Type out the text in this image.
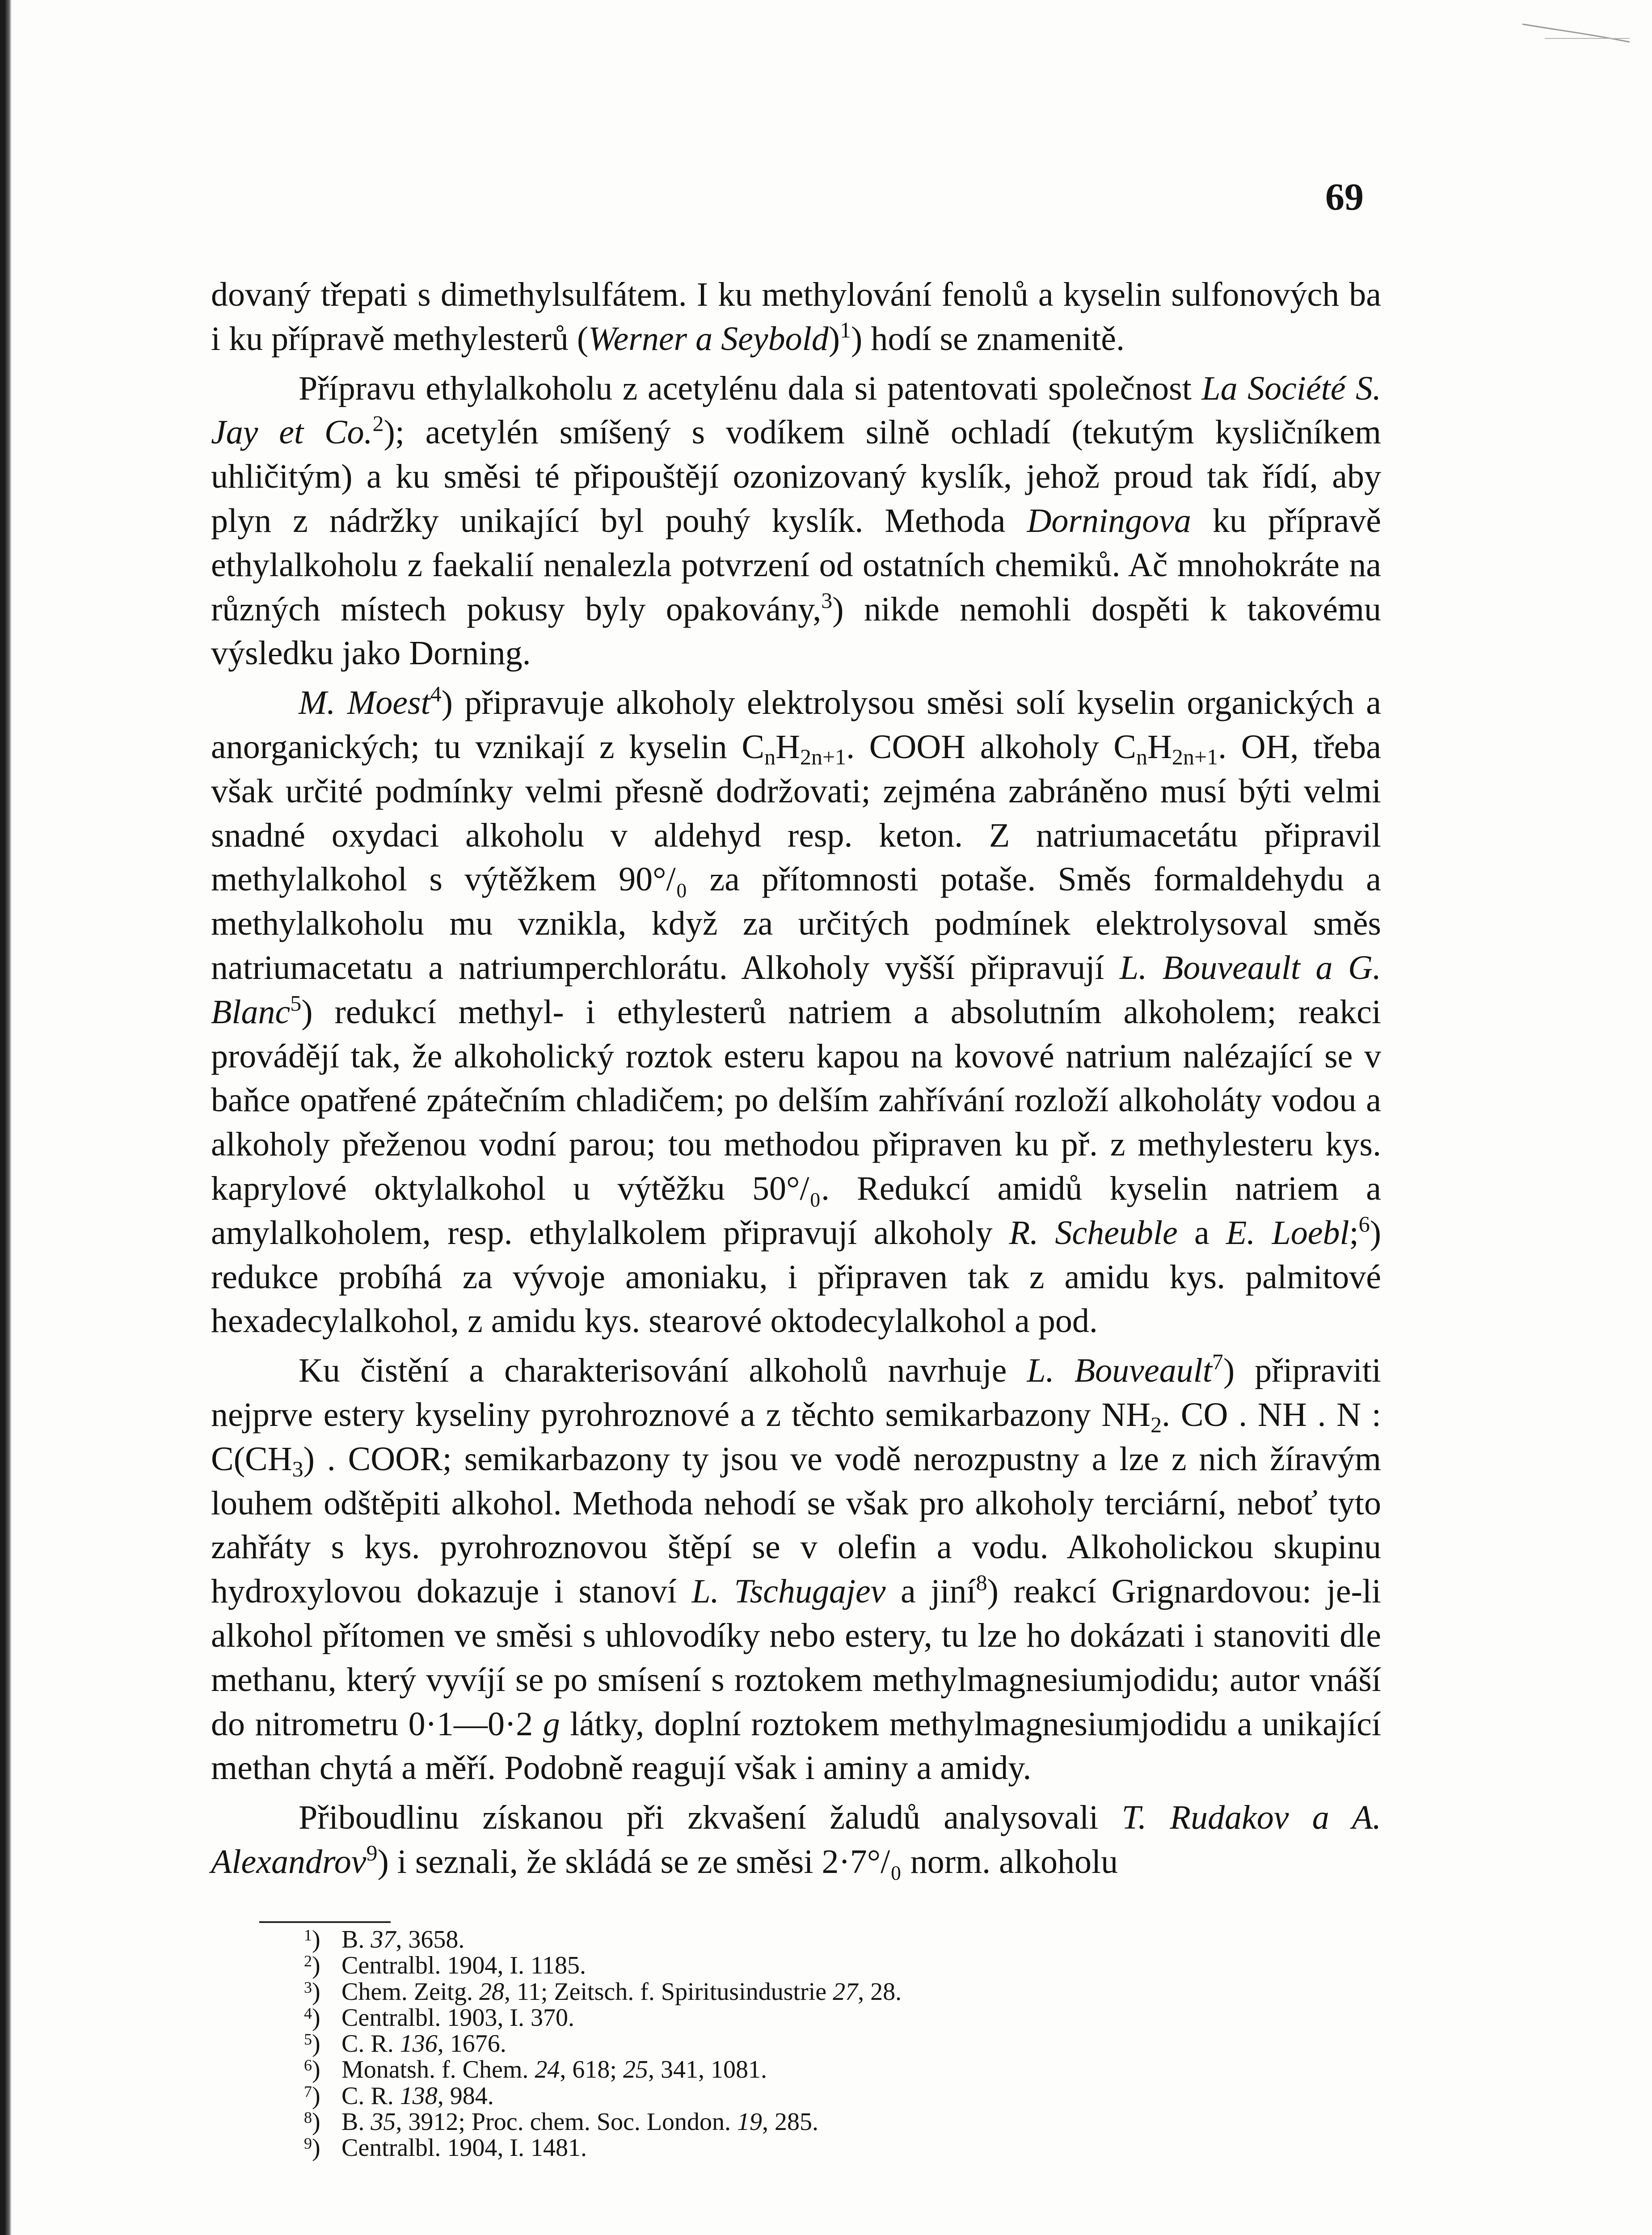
69

dovaný třepati s dimethylsulfátem. I ku methylování fenolů a kyselin sulfonových ba i ku přípravě methylesterů (Werner a Seybold)$^1$) hodí se znamenitě.

Přípravu ethylalkoholu z acetylénu dala si patentovati společnost La Société S. Jay et Co.$^2$); acetylén smíšený s vodíkem silně ochladí (tekutým kysličníkem uhličitým) a ku směsi té připouštějí ozonizovaný kyslík, jehož proud tak řídí, aby plyn z nádržky unikající byl pouhý kyslík. Methoda Dorningova ku přípravě ethylalkoholu z faekalií nenalezla potvrzení od ostatních chemiků. Ač mnohokráte na různých místech pokusy byly opakovány,$^3$) nikde nemohli dospěti k takovému výsledku jako Dorning.

M. Moest$^4$) připravuje alkoholy elektrolysou směsi solí kyselin organických a anorganických; tu vznikají z kyselin $C_nH_{2n+1}$. COOH alkoholy $C_nH_{2n+1}$. OH, třeba však určité podmínky velmi přesně dodržovati; zejména zabráněno musí býti velmi snadné oxydaci alkoholu v aldehyd resp. keton. Z natriumacetátu připravil methylalkohol s výtěžkem 90°/₀ za přítomnosti potaše. Směs formaldehydu a methylalkoholu mu vznikla, když za určitých podmínek elektrolysoval směs natriumacetatu a natriumperchlorátu. Alkoholy vyšší připravují L. Bouveault a G. Blanc$^5$) redukcí methyl- i ethylesterů natriem a absolutním alkoholem; reakci provádějí tak, že alkoholický roztok esteru kapou na kovové natrium nalézající se v baňce opatřené zpátečním chladičem; po delším zahřívání rozloží alkoholáty vodou a alkoholy přeženou vodní parou; tou methodou připraven ku př. z methylesteru kys. kaprylové oktylalkohol u výtěžku 50°/₀. Redukcí amidů kyselin natriem a amylalkoholem, resp. ethylalkolem připravují alkoholy R. Scheuble a E. Loebl;$^6$) redukce probíhá za vývoje amoniaku, i připraven tak z amidu kys. palmitové hexadecylalkohol, z amidu kys. stearové oktodecylalkohol a pod.

Ku čistění a charakterisování alkoholů navrhuje L. Bouveault$^7$) připraviti nejprve estery kyseliny pyrohroznové a z těchto semikarbazony $NH_2$. CO . NH . N : $C(CH_3)$ . COOR; semikarbazony ty jsou ve vodě nerozpustny a lze z nich žíravým louhem odštěpiti alkohol. Methoda nehodí se však pro alkoholy terciární, neboť tyto zahřáty s kys. pyrohroznovou štěpí se v olefin a vodu. Alkoholickou skupinu hydroxylovou dokazuje i stanoví L. Tschugajev a jiní$^8$) reakcí Grignardovou: je-li alkohol přítomen ve směsi s uhlovodíky nebo estery, tu lze ho dokázati i stanoviti dle methanu, který vyvíjí se po smísení s roztokem methylmagnesiumjodidu; autor vnáší do nitrometru 0·1—0·2 g látky, doplní roztokem methylmagnesiumjodidu a unikající methan chytá a měří. Podobně reagují však i aminy a amidy.

Přiboudlinu získanou při zkvašení žaludů analysovali T. Rudakov a A. Alexandrov$^9$) i seznali, že skládá se ze směsi 2·7°/₀ norm. alkoholu

$^1$) B. 37, 3658.
$^2$) Centralbl. 1904, I. 1185.
$^3$) Chem. Zeitg. 28, 11; Zeitsch. f. Spiritusindustrie 27, 28.
$^4$) Centralbl. 1903, I. 370.
$^5$) C. R. 136, 1676.
$^6$) Monatsh. f. Chem. 24, 618; 25, 341, 1081.
$^7$) C. R. 138, 984.
$^8$) B. 35, 3912; Proc. chem. Soc. London. 19, 285.
$^9$) Centralbl. 1904, I. 1481.
